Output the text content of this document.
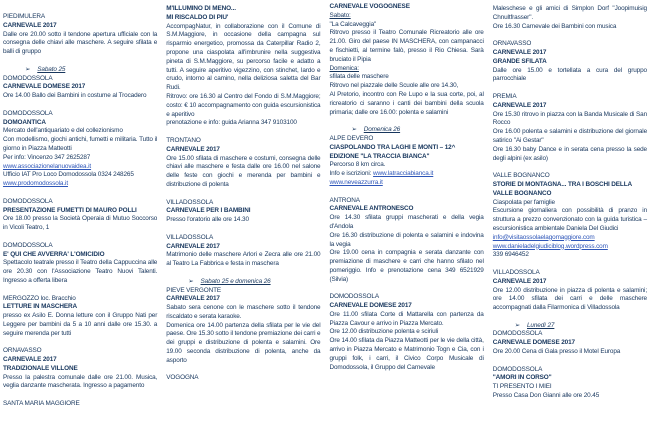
PIEDIMULERA
CARNEVALE 2017
Dalle ore 20.00 sotto il tendone apertura ufficiale con la consegna delle chiavi alle maschere. A seguire sfilata e balli di gruppo
➢ Sabato 25
DOMODOSSOLA
CARNEVALE DOMESE 2017
Ore 14.00 Ballo dei Bambini in costume al Trocadero
DOMODOSSOLA
DOMOANTICA
Mercato dell'antiquariato e del collezionismo
Con modellismo, giochi antichi, fumetti e militaria. Tutto il giorno in Piazza Matteotti
Per info: Vincenzo 347 2625287
www.associazionelanuovaidea.it
Ufficio IAT Pro Loco Domodossola 0324 248265
www.prodomodossola.it
DOMODOSSOLA
PRESENTAZIONE FUMETTI DI MAURO POLLI
Ore 18.00 presso la Società Operaia di Mutuo Soccorso in Vicoli Teatro, 1
DOMODOSSOLA
E' QUI CHE AVVERRA' L'OMICIDIO
Spettacolo teatrale presso il Teatro della Cappuccina alle ore 20.30 con l'Associazione Teatro Nuovi Talenti. Ingresso a offerta libera
MERGOZZO loc. Bracchio
LETTURE IN MASCHERA
presso ex Asilo E. Donna letture con il Gruppo Nati per Leggere per bambini da 5 a 10 anni dalle ore 15.30. a seguire merenda per tutti
ORNAVASSO
CARNEVALE 2017
TRADIZIONALE VILLONE
Presso la palestra comunale dalle ore 21.00. Musica, veglia danzante mascherata. Ingresso a pagamento
SANTA MARIA MAGGIORE
M'ILLUMINO DI MENO...
MI RISCALDO DI PIU'
AccompagNatur, in collaborazione con il Comune di S.M.Maggiore, in occasione della campagna sul risparmio energetico, promossa da Caterpillar Radio 2, propone una ciaspolata all'imbrunire nella suggestiva pineta di S.M.Maggiore, su percorso facile e adatto a tutti. A seguire aperitivo vigezzino, con stinchet, lardo e crudo, intorno al camino, nella deliziosa saletta del Bar Rudi.
Ritrovo: ore 16.30 al Centro del Fondo di S.M.Maggiore; costo: € 10 accompagnamento con guida escursionistica e aperitivo
prenotazione e info: guida Arianna 347 9103100
TRONTANO
CARNEVALE 2017
Ore 15.00 sfilata di maschere e costumi, consegna delle chiavi alle maschere e festa dalle ore 16.00 nel salone delle feste con giochi e merenda per bambini e distribuzione di polenta
VILLADOSSOLA
CARNEVALE PER I BAMBINI
Presso l'oratorio alle ore 14.30
VILLADOSSOLA
CARNEVALE 2017
Matrimonio delle maschere Arlori e Zecra alle ore 21.00 al Teatro La Fabbrica e festa in maschera
➢ Sabato 25 e domenica 26
PIEVE VERGONTE
CARNEVALE 2017
Sabato sera cenone con le maschere sotto il tendone riscaldato e serata karaoke.
Domenica ore 14.00 partenza della sfilata per le vie del paese. Ore 15.30 sotto il tendone premiazione dei carri e dei gruppi e distribuzione di polenta e salamini. Ore 19.00 seconda distribuzione di polenta, anche da asporto
VOGOGNA
CARNEVALE VOGOGNESE
Sabato:
"La Calcaveggia"
Ritrovo presso il Teatro Comunale Ricreatorio alle ore 21.00. Giro del paese IN MASCHERA, con campanacci e fischietti, al termine falò, presso il Rio Chiesa. Sarà bruciato il Pipia
Domenica:
sfilata delle maschere
Ritrovo nel piazzale delle Scuole alle ore 14.30,
Al Pretorio, incontro con Re Lupo e la sua corte, poi, al ricreatorio ci saranno i canti dei bambini della scuola primaria; dalle ore 16.00: polenta e salamini
➢ Domenica 26
ALPE DEVERO
CIASPOLANDO TRA LAGHI E MONTI – 12^ EDIZIONE "LA TRACCIA BIANCA"
Percorso 8 km circa.
Info e iscrizioni: www.latracciabianca.it
www.neveazzurra.it
ANTRONA
CARNEVALE ANTRONESCO
Ore 14.30 sfilata gruppi mascherati e della vegia d'Andola
Ore 16.30 distribuzione di polenta e salamini e indovina la vegia
Ore 19.00 cena in compagnia e serata danzante con premiazione di maschere e carri che hanno sfilato nel pomeriggio. Info e prenotazione cena 349 6521929 (Silvia)
DOMODOSSOLA
CARNEVALE DOMESE 2017
Ore 11.00 sfilata Corte di Mattarella con partenza da Piazza Cavour e arrivo in Piazza Mercato.
Ore 12.00 distribuzione polenta e sciriuli
Ore 14.00 sfilata da Piazza Matteotti per le vie della città, arrivo in Piazza Mercato e Matrimonio Togn e Cia, con i gruppi folk, i carri, il Civico Corpo Musicale di Domodossola, il Gruppo del Carnevale
Maleschese e gli amici di Simplon Dorf "Joopimuisig Chnultfrasser".
Ore 16.30 Carnevale dei Bambini con musica
ORNAVASSO
CARNEVALE 2017
GRANDE SFILATA
Dalle ore 15.00 e tortellata a cura del gruppo parrocchiale
PREMIA
CARNEVALE 2017
Ore 15.30 ritrovo in piazza con la Banda Musicale di San Rocco
Ore 16.00 polenta e salamini e distribuzione del giornale satirico "Ai Gestar"
Ore 16.30 baby Dance e in serata cena presso la sede degli alpini (ex asilo)
VALLE BOGNANCO
STORIE DI MONTAGNA... TRA I BOSCHI DELLA VALLE BOGNANCO
Ciaspolata per famiglie
Escursione giornaliera con possibilità di pranzo in struttura a prezzo convenzionato con la guida turistica – escursionistica ambientale Daniela Del Giudici
info@visitaossolaelagomaggiore.com
www.danieladelgiudiciblog.wordpress.com
339 6946452
VILLADOSSOLA
CARNEVALE 2017
Ore 12.00 distribuzione in piazza di polenta e salamini; ore 14.00 sfilata dei carri e delle maschere accompagnati dalla Filarmonica di Villadossola
➢ Lunedì 27
DOMODOSSOLA
CARNEVALE DOMESE 2017
Ore 20.00 Cena di Gala presso il Motel Europa
DOMODOSSOLA
"AMORI IN CORSO"
TI PRESENTO I MIEI
Presso Casa Don Gianni alle ore 20.45
